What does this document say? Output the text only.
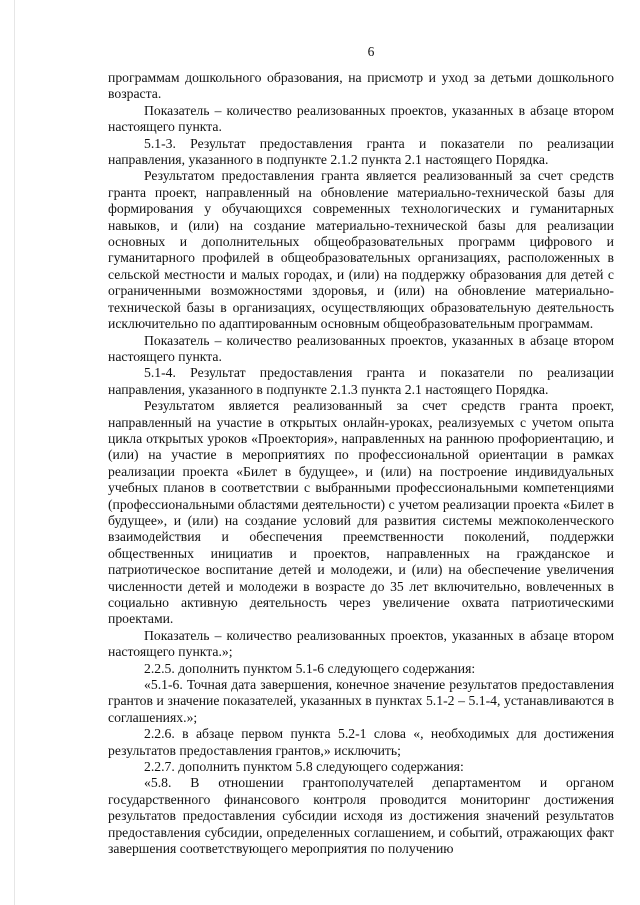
6

программам дошкольного образования, на присмотр и уход за детьми дошкольного возраста.

Показатель – количество реализованных проектов, указанных в абзаце втором настоящего пункта.

5.1-3. Результат предоставления гранта и показатели по реализации направления, указанного в подпункте 2.1.2 пункта 2.1 настоящего Порядка.

Результатом предоставления гранта является реализованный за счет средств гранта проект, направленный на обновление материально-технической базы для формирования у обучающихся современных технологических и гуманитарных навыков, и (или) на создание материально-технической базы для реализации основных и дополнительных общеобразовательных программ цифрового и гуманитарного профилей в общеобразовательных организациях, расположенных в сельской местности и малых городах, и (или) на поддержку образования для детей с ограниченными возможностями здоровья, и (или) на обновление материально-технической базы в организациях, осуществляющих образовательную деятельность исключительно по адаптированным основным общеобразовательным программам.

Показатель – количество реализованных проектов, указанных в абзаце втором настоящего пункта.

5.1-4. Результат предоставления гранта и показатели по реализации направления, указанного в подпункте 2.1.3 пункта 2.1 настоящего Порядка.

Результатом является реализованный за счет средств гранта проект, направленный на участие в открытых онлайн-уроках, реализуемых с учетом опыта цикла открытых уроков «Проектория», направленных на раннюю профориентацию, и (или) на участие в мероприятиях по профессиональной ориентации в рамках реализации проекта «Билет в будущее», и (или) на построение индивидуальных учебных планов в соответствии с выбранными профессиональными компетенциями (профессиональными областями деятельности) с учетом реализации проекта «Билет в будущее», и (или) на создание условий для развития системы межпоколенческого взаимодействия и обеспечения преемственности поколений, поддержки общественных инициатив и проектов, направленных на гражданское и патриотическое воспитание детей и молодежи, и (или) на обеспечение увеличения численности детей и молодежи в возрасте до 35 лет включительно, вовлеченных в социально активную деятельность через увеличение охвата патриотическими проектами.

Показатель – количество реализованных проектов, указанных в абзаце втором настоящего пункта.»;

2.2.5. дополнить пунктом 5.1-6 следующего содержания:

«5.1-6. Точная дата завершения, конечное значение результатов предоставления грантов и значение показателей, указанных в пунктах 5.1-2 – 5.1-4, устанавливаются в соглашениях.»;

2.2.6. в абзаце первом пункта 5.2-1 слова «, необходимых для достижения результатов предоставления грантов,» исключить;

2.2.7. дополнить пунктом 5.8 следующего содержания:

«5.8. В отношении грантополучателей департаментом и органом государственного финансового контроля проводится мониторинг достижения результатов предоставления субсидии исходя из достижения значений результатов предоставления субсидии, определенных соглашением, и событий, отражающих факт завершения соответствующего мероприятия по получению
